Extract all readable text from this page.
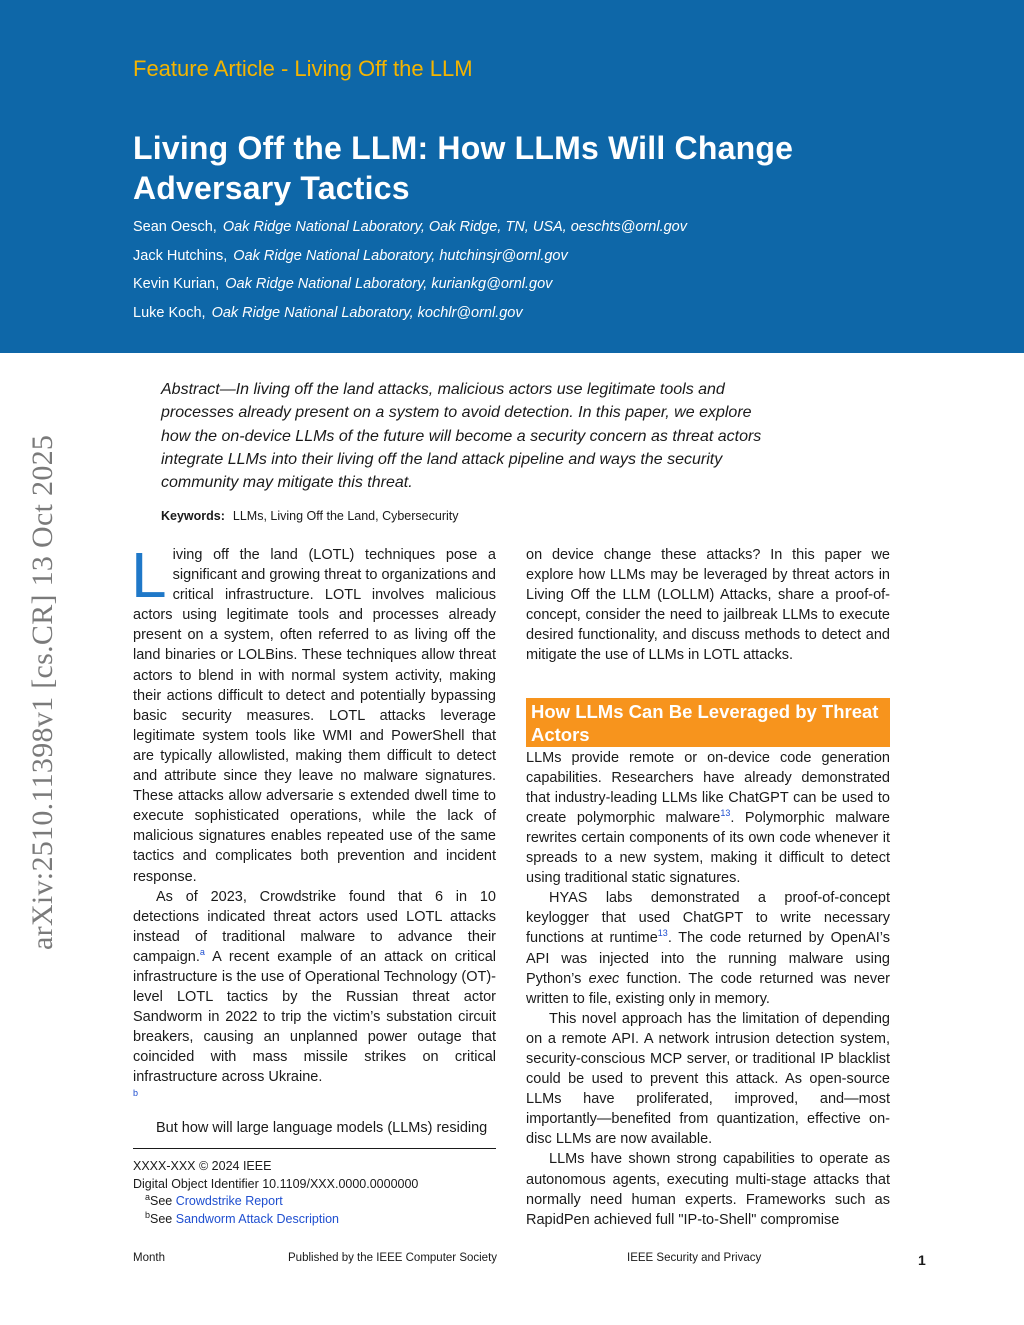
Feature Article - Living Off the LLM
Living Off the LLM: How LLMs Will Change Adversary Tactics
Sean Oesch, Oak Ridge National Laboratory, Oak Ridge, TN, USA, oeschts@ornl.gov
Jack Hutchins, Oak Ridge National Laboratory, hutchinsjr@ornl.gov
Kevin Kurian, Oak Ridge National Laboratory, kuriankg@ornl.gov
Luke Koch, Oak Ridge National Laboratory, kochlr@ornl.gov
arXiv:2510.11398v1 [cs.CR] 13 Oct 2025
Abstract—In living off the land attacks, malicious actors use legitimate tools and processes already present on a system to avoid detection. In this paper, we explore how the on-device LLMs of the future will become a security concern as threat actors integrate LLMs into their living off the land attack pipeline and ways the security community may mitigate this threat.
Keywords: LLMs, Living Off the Land, Cybersecurity

Living off the land (LOTL) techniques pose a significant and growing threat to organizations and critical infrastructure. LOTL involves malicious actors using legitimate tools and processes already present on a system, often referred to as living off the land binaries or LOLBins. These techniques allow threat actors to blend in with normal system activity, making their actions difficult to detect and potentially bypassing basic security measures. LOTL attacks leverage legitimate system tools like WMI and PowerShell that are typically allowlisted, making them difficult to detect and attribute since they leave no malware signatures. These attacks allow adversarie s extended dwell time to execute sophisticated operations, while the lack of malicious signatures enables repeated use of the same tactics and complicates both prevention and incident response.

As of 2023, Crowdstrike found that 6 in 10 detections indicated threat actors used LOTL attacks instead of traditional malware to advance their campaign.$^a$ A recent example of an attack on critical infrastructure is the use of Operational Technology (OT)-level LOTL tactics by the Russian threat actor Sandworm in 2022 to trip the victim’s substation circuit breakers, causing an unplanned power outage that coincided with mass missile strikes on critical infrastructure across Ukraine.
$^b$

But how will large language models (LLMs) residing

XXXX-XXX © 2024 IEEE
Digital Object Identifier 10.1109/XXX.0000.0000000
$^a$See Crowdstrike Report
$^b$See Sandworm Attack Description

on device change these attacks? In this paper we explore how LLMs may be leveraged by threat actors in Living Off the LLM (LOLLM) Attacks, share a proof-of-concept, consider the need to jailbreak LLMs to execute desired functionality, and discuss methods to detect and mitigate the use of LLMs in LOTL attacks.

How LLMs Can Be Leveraged by Threat Actors

LLMs provide remote or on-device code generation capabilities. Researchers have already demonstrated that industry-leading LLMs like ChatGPT can be used to create polymorphic malware$^{13}$. Polymorphic malware rewrites certain components of its own code whenever it spreads to a new system, making it difficult to detect using traditional static signatures.

HYAS labs demonstrated a proof-of-concept keylogger that used ChatGPT to write necessary functions at runtime$^{13}$. The code returned by OpenAI’s API was injected into the running malware using Python’s exec function. The code returned was never written to file, existing only in memory.

This novel approach has the limitation of depending on a remote API. A network intrusion detection system, security-conscious MCP server, or traditional IP blacklist could be used to prevent this attack. As open-source LLMs have proliferated, improved, and—most importantly—benefited from quantization, effective on-disc LLMs are now available.

LLMs have shown strong capabilities to operate as autonomous agents, executing multi-stage attacks that normally need human experts. Frameworks such as RapidPen achieved full "IP-to-Shell" compromise

Month	Published by the IEEE Computer Society	IEEE Security and Privacy	1
